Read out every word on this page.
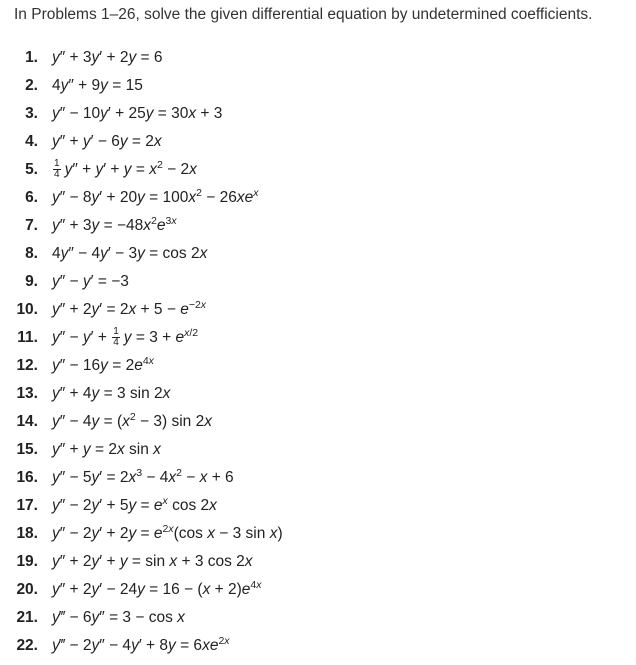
In Problems 1–26, solve the given differential equation by undetermined coefficients.
1. y″ + 3y′ + 2y = 6
2. 4y″ + 9y = 15
3. y″ − 10y′ + 25y = 30x + 3
4. y″ + y′ − 6y = 2x
5. $\frac{1}{4} y'' + y' + y = x^2 - 2x$
6. $y'' - 8y' + 20y = 100x^2 - 26xe^x$
7. $y'' + 3y = -48x^2e^{3x}$
8. 4y″ − 4y′ − 3y = cos 2x
9. y″ − y′ = −3
10. $y'' + 2y' = 2x + 5 - e^{-2x}$
11. $y'' - y' + \frac{1}{4}$ $y = 3 + e^{x/2}$
12. $y'' - 16y = 2e^{4x}$
13. y″ + 4y = 3 sin 2x
14. $y'' - 4y = (x^2 - 3)$ sin 2x
15. y″ + y = 2x sin x
16. $y'' - 5y' = 2x^3 - 4x^2 - x + 6$
17. $y'' - 2y' + 5y = e^x$ cos 2x
18. $y'' - 2y' + 2y = e^{2x}(\cos$ x − 3 sin x)
19. y″ + 2y′ + y = sin x + 3 cos 2x
20. $y'' + 2y' - 24y = 16 - (x + 2)e^{4x}$
21. y‴ − 6y″ = 3 − cos x
22. y‴ − $2y'' - 4y' + 8y = 6xe^{2x}$
